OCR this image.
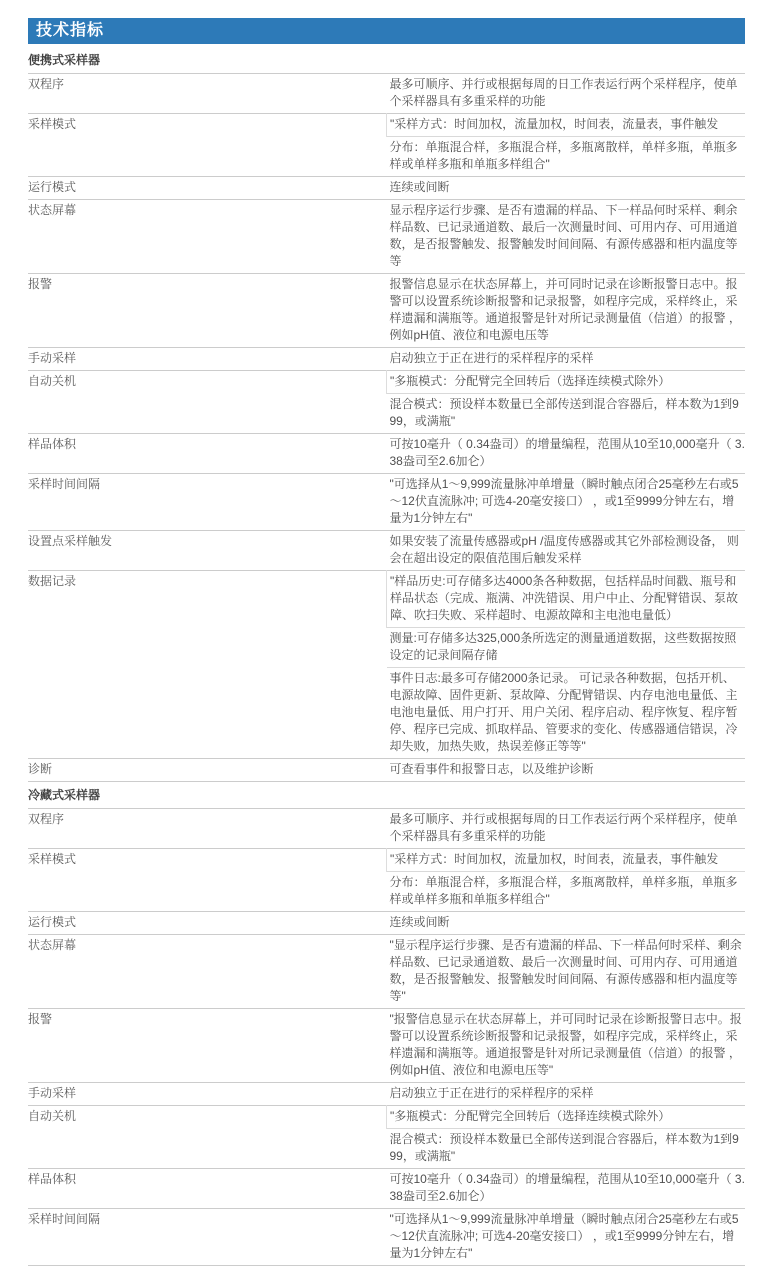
技术指标
便携式采样器	
双程序	最多可顺序、并行或根据每周的日工作表运行两个采样程序，使单个采样器具有多重采样的功能
采样模式	"采样方式：时间加权，流量加权，时间表，流量表，事件触发
	分布：单瓶混合样，多瓶混合样，多瓶离散样，单样多瓶，单瓶多样或单样多瓶和单瓶多样组合"
运行模式	连续或间断
状态屏幕	显示程序运行步骤、是否有遗漏的样品、下一样品何时采样、剩余样品数、已记录通道数、最后一次测量时间、可用内存、可用通道数，是否报警触发、报警触发时间间隔、有源传感器和柜内温度等等
报警	报警信息显示在状态屏幕上，并可同时记录在诊断报警日志中。报警可以设置系统诊断报警和记录报警，如程序完成，采样终止，采样遗漏和满瓶等。通道报警是针对所记录测量值（信道）的报警 ，例如pH值、液位和电源电压等
手动采样	启动独立于正在进行的采样程序的采样
自动关机	"多瓶模式：分配臂完全回转后（选择连续模式除外）
	混合模式：预设样本数量已全部传送到混合容器后，样本数为1到999，或满瓶"
样品体积	可按10毫升（ 0.34盎司）的增量编程，范围从10至10,000毫升（ 3.38盎司至2.6加仑）
采样时间间隔	"可选择从1～9,999流量脉冲单增量（瞬时触点闭合25毫秒左右或5～12伏直流脉冲; 可选4-20毫安接口） ，或1至9999分钟左右，增量为1分钟左右"
设置点采样触发	如果安装了流量传感器或pH /温度传感器或其它外部检测设备， 则会在超出设定的限值范围后触发采样
数据记录	"样品历史:可存储多达4000条各种数据，包括样品时间戳、瓶号和样品状态（完成、瓶满、冲洗错误、用户中止、分配臂错误、泵故障、吹扫失败、采样超时、电源故障和主电池电量低）
	测量:可存储多达325,000条所选定的测量通道数据，这些数据按照设定的记录间隔存储
	事件日志:最多可存储2000条记录。 可记录各种数据，包括开机、电源故障、固件更新、泵故障、分配臂错误、内存电池电量低、主电池电量低、用户打开、用户关闭、程序启动、程序恢复、程序暂停、程序已完成、抓取样品、管要求的变化、传感器通信错误，冷却失败，加热失败，热误差修正等等"
诊断	可查看事件和报警日志，以及维护诊断
冷藏式采样器	
双程序	最多可顺序、并行或根据每周的日工作表运行两个采样程序，使单个采样器具有多重采样的功能
采样模式	"采样方式：时间加权，流量加权，时间表，流量表，事件触发
	分布：单瓶混合样，多瓶混合样，多瓶离散样，单样多瓶，单瓶多样或单样多瓶和单瓶多样组合"
运行模式	连续或间断
状态屏幕	"显示程序运行步骤、是否有遗漏的样品、下一样品何时采样、剩余样品数、已记录通道数、最后一次测量时间、可用内存、可用通道数，是否报警触发、报警触发时间间隔、有源传感器和柜内温度等等"
报警	"报警信息显示在状态屏幕上，并可同时记录在诊断报警日志中。报警可以设置系统诊断报警和记录报警，如程序完成，采样终止，采样遗漏和满瓶等。通道报警是针对所记录测量值（信道）的报警 ，例如pH值、液位和电源电压等"
手动采样	启动独立于正在进行的采样程序的采样
自动关机	"多瓶模式：分配臂完全回转后（选择连续模式除外）
	混合模式：预设样本数量已全部传送到混合容器后，样本数为1到999，或满瓶"
样品体积	可按10毫升（ 0.34盎司）的增量编程，范围从10至10,000毫升（ 3.38盎司至2.6加仑）
采样时间间隔	"可选择从1～9,999流量脉冲单增量（瞬时触点闭合25毫秒左右或5～12伏直流脉冲; 可选4-20毫安接口） ，或1至9999分钟左右，增量为1分钟左右"
